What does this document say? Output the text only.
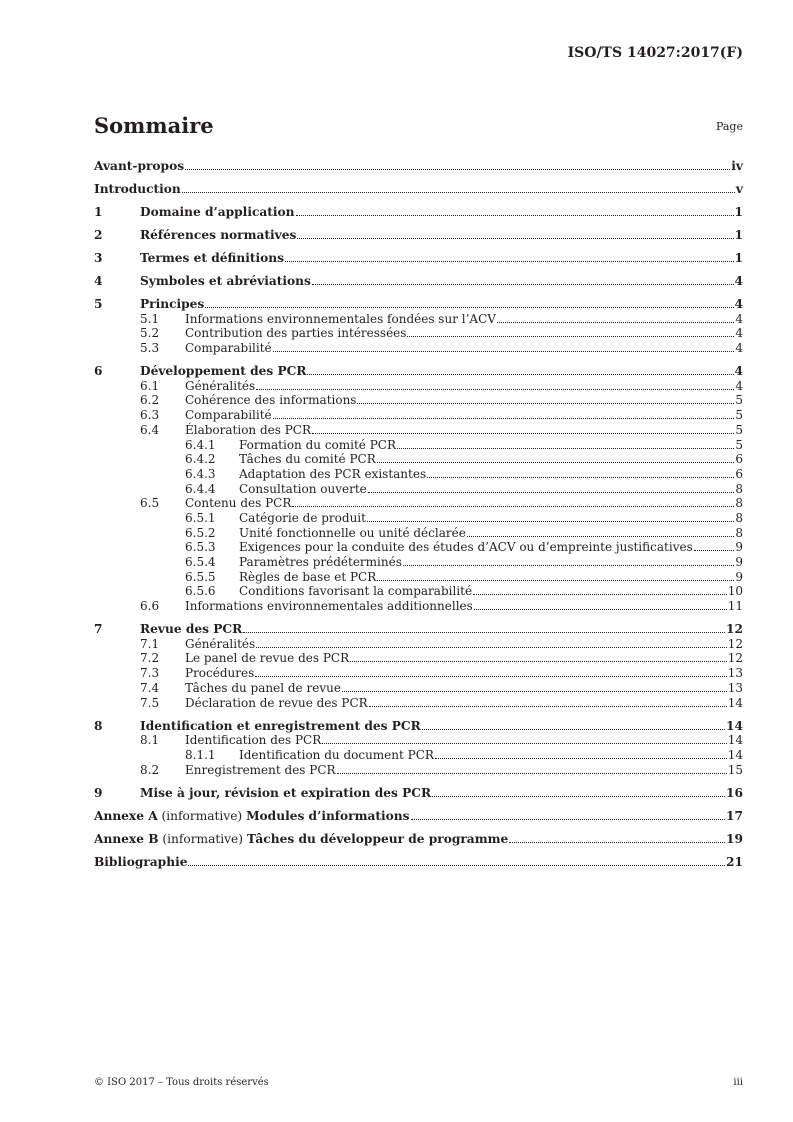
ISO/TS 14027:2017(F)
Sommaire	Page
Avant-propos	iv
Introduction	v
1	Domaine d’application	1
2	Références normatives	1
3	Termes et définitions	1
4	Symboles et abréviations	4
5	Principes	4
5.1 Informations environnementales fondées sur l’ACV	4
5.2 Contribution des parties intéressées	4
5.3 Comparabilité	4
6	Développement des PCR	4
6.1 Généralités	4
6.2 Cohérence des informations	5
6.3 Comparabilité	5
6.4 Élaboration des PCR	5
6.4.1 Formation du comité PCR	5
6.4.2 Tâches du comité PCR	6
6.4.3 Adaptation des PCR existantes	6
6.4.4 Consultation ouverte	8
6.5 Contenu des PCR	8
6.5.1 Catégorie de produit	8
6.5.2 Unité fonctionnelle ou unité déclarée	8
6.5.3 Exigences pour la conduite des études d’ACV ou d’empreinte justificatives	9
6.5.4 Paramètres prédéterminés	9
6.5.5 Règles de base et PCR	9
6.5.6 Conditions favorisant la comparabilité	10
6.6 Informations environnementales additionnelles	11
7	Revue des PCR	12
7.1 Généralités	12
7.2 Le panel de revue des PCR	12
7.3 Procédures	13
7.4 Tâches du panel de revue	13
7.5 Déclaration de revue des PCR	14
8	Identification et enregistrement des PCR	14
8.1 Identification des PCR	14
8.1.1 Identification du document PCR	14
8.2 Enregistrement des PCR	15
9	Mise à jour, révision et expiration des PCR	16
Annexe A (informative) Modules d’informations	17
Annexe B (informative) Tâches du développeur de programme	19
Bibliographie	21
© ISO 2017 – Tous droits réservés	iii
